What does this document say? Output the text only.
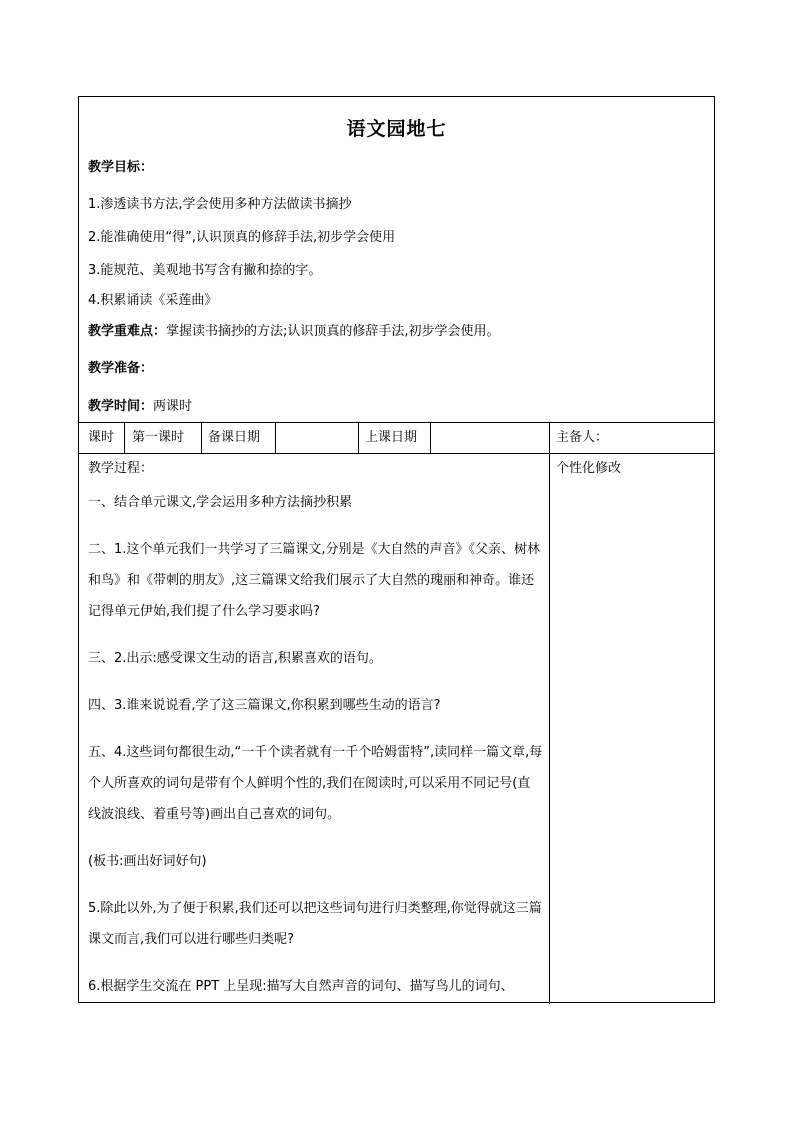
语文园地七
教学目标：
1.渗透读书方法,学会使用多种方法做读书摘抄
2.能准确使用“得”,认识顶真的修辞手法,初步学会使用
3.能规范、美观地书写含有撇和捺的字。
4.积累诵读《采莲曲》
教学重难点：掌握读书摘抄的方法;认识顶真的修辞手法,初步学会使用。
教学准备：
教学时间：两课时
课时 第一课时 备课日期	上课日期	主备人：
教学过程：	个性化修改
一、结合单元课文,学会运用多种方法摘抄积累
二、1.这个单元我们一共学习了三篇课文,分别是《大自然的声音》《父亲、树林和鸟》和《带刺的朋友》,这三篇课文给我们展示了大自然的瑰丽和神奇。谁还记得单元伊始,我们提了什么学习要求吗?
三、2.出示:感受课文生动的语言,积累喜欢的语句。
四、3.谁来说说看,学了这三篇课文,你积累到哪些生动的语言?
五、4.这些词句都很生动,“一千个读者就有一千个哈姆雷特”,读同样一篇文章,每个人所喜欢的词句是带有个人鲜明个性的,我们在阅读时,可以采用不同记号(直线波浪线、着重号等)画出自己喜欢的词句。
(板书:画出好词好句)
5.除此以外,为了便于积累,我们还可以把这些词句进行归类整理,你觉得就这三篇课文而言,我们可以进行哪些归类呢?
6.根据学生交流在 PPT 上呈现:描写大自然声音的词句、描写鸟儿的词句、
